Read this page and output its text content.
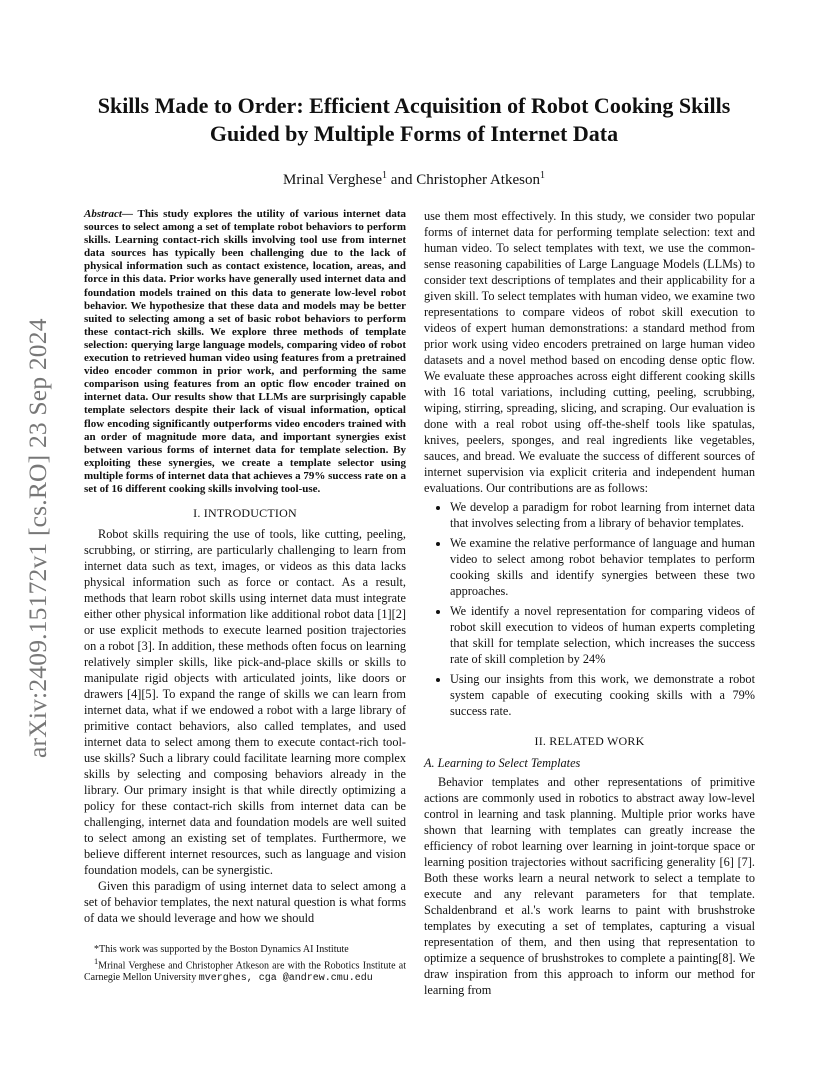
arXiv:2409.15172v1 [cs.RO] 23 Sep 2024
Skills Made to Order: Efficient Acquisition of Robot Cooking Skills
Guided by Multiple Forms of Internet Data
Mrinal Verghese$^1$ and Christopher Atkeson$^1$
Abstract— This study explores the utility of various internet data sources to select among a set of template robot behaviors to perform skills. Learning contact-rich skills involving tool use from internet data sources has typically been challenging due to the lack of physical information such as contact existence, location, areas, and force in this data. Prior works have generally used internet data and foundation models trained on this data to generate low-level robot behavior. We hypothesize that these data and models may be better suited to selecting among a set of basic robot behaviors to perform these contact-rich skills. We explore three methods of template selection: querying large language models, comparing video of robot execution to retrieved human video using features from a pretrained video encoder common in prior work, and performing the same comparison using features from an optic flow encoder trained on internet data. Our results show that LLMs are surprisingly capable template selectors despite their lack of visual information, optical flow encoding significantly outperforms video encoders trained with an order of magnitude more data, and important synergies exist between various forms of internet data for template selection. By exploiting these synergies, we create a template selector using multiple forms of internet data that achieves a 79% success rate on a set of 16 different cooking skills involving tool-use.
I. INTRODUCTION

Robot skills requiring the use of tools, like cutting, peeling, scrubbing, or stirring, are particularly challenging to learn from internet data such as text, images, or videos as this data lacks physical information such as force or contact. As a result, methods that learn robot skills using internet data must integrate either other physical information like additional robot data [1][2] or use explicit methods to execute learned position trajectories on a robot [3]. In addition, these methods often focus on learning relatively simpler skills, like pick-and-place skills or skills to manipulate rigid objects with articulated joints, like doors or drawers [4][5]. To expand the range of skills we can learn from internet data, what if we endowed a robot with a large library of primitive contact behaviors, also called templates, and used internet data to select among them to execute contact-rich tool-use skills? Such a library could facilitate learning more complex skills by selecting and composing behaviors already in the library. Our primary insight is that while directly optimizing a policy for these contact-rich skills from internet data can be challenging, internet data and foundation models are well suited to select among an existing set of templates. Furthermore, we believe different internet resources, such as language and vision foundation models, can be synergistic.

Given this paradigm of using internet data to select among a set of behavior templates, the next natural question is what forms of data we should leverage and how we should

*This work was supported by the Boston Dynamics AI Institute

$^1$Mrinal Verghese and Christopher Atkeson are with the Robotics Institute at Carnegie Mellon University mverghes, cga @andrew.cmu.edu

use them most effectively. In this study, we consider two popular forms of internet data for performing template selection: text and human video. To select templates with text, we use the common-sense reasoning capabilities of Large Language Models (LLMs) to consider text descriptions of templates and their applicability for a given skill. To select templates with human video, we examine two representations to compare videos of robot skill execution to videos of expert human demonstrations: a standard method from prior work using video encoders pretrained on large human video datasets and a novel method based on encoding dense optic flow. We evaluate these approaches across eight different cooking skills with 16 total variations, including cutting, peeling, scrubbing, wiping, stirring, spreading, slicing, and scraping. Our evaluation is done with a real robot using off-the-shelf tools like spatulas, knives, peelers, sponges, and real ingredients like vegetables, sauces, and bread. We evaluate the success of different sources of internet supervision via explicit criteria and independent human evaluations. Our contributions are as follows:

• We develop a paradigm for robot learning from internet data that involves selecting from a library of behavior templates.
• We examine the relative performance of language and human video to select among robot behavior templates to perform cooking skills and identify synergies between these two approaches.
• We identify a novel representation for comparing videos of robot skill execution to videos of human experts completing that skill for template selection, which increases the success rate of skill completion by 24%
• Using our insights from this work, we demonstrate a robot system capable of executing cooking skills with a 79% success rate.
II. RELATED WORK
A. Learning to Select Templates

Behavior templates and other representations of primitive actions are commonly used in robotics to abstract away low-level control in learning and task planning. Multiple prior works have shown that learning with templates can greatly increase the efficiency of robot learning over learning in joint-torque space or learning position trajectories without sacrificing generality [6] [7]. Both these works learn a neural network to select a template to execute and any relevant parameters for that template. Schaldenbrand et al.'s work learns to paint with brushstroke templates by executing a set of templates, capturing a visual representation of them, and then using that representation to optimize a sequence of brushstrokes to complete a painting[8]. We draw inspiration from this approach to inform our method for learning from
